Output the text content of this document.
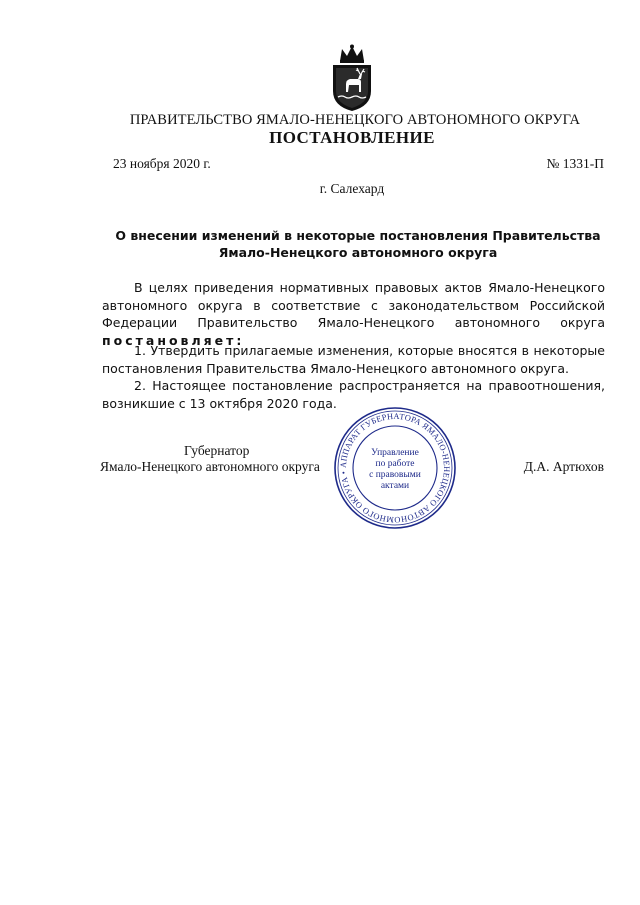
ПРАВИТЕЛЬСТВО ЯМАЛО-НЕНЕЦКОГО АВТОНОМНОГО ОКРУГА
ПОСТАНОВЛЕНИЕ
23 ноября 2020 г.	№ 1331-П
г. Салехард
О внесении изменений в некоторые постановления Правительства Ямало-Ненецкого автономного округа

В целях приведения нормативных правовых актов Ямало-Ненецкого автономного округа в соответствие с законодательством Российской Федерации Правительство Ямало-Ненецкого автономного округа постановляет:

1. Утвердить прилагаемые изменения, которые вносятся в некоторые постановления Правительства Ямало-Ненецкого автономного округа.

2. Настоящее постановление распространяется на правоотношения, возникшие с 13 октября 2020 года.

Губернатор
Ямало-Ненецкого автономного округа	Д.А. Артюхов
АППАРАТ ГУБЕРНАТОРА ЯМАЛО-НЕНЕЦКОГО АВТОНОМНОГО ОКРУГА •
Управление
по работе
с правовыми
актами
